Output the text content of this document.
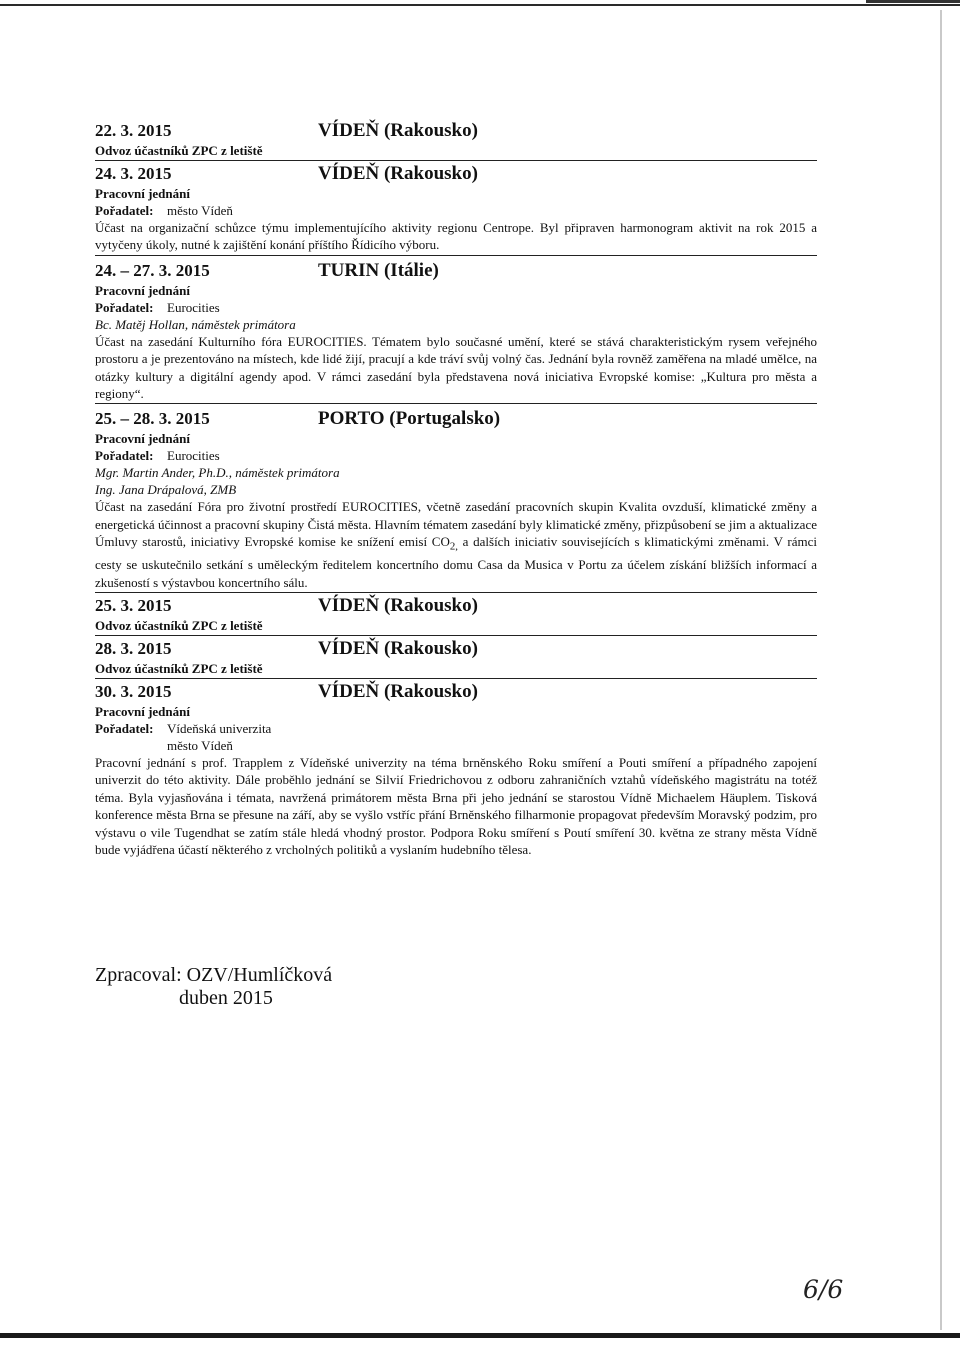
22. 3. 2015	VÍDEŇ (Rakousko)
Odvoz účastníků ZPC z letiště
24. 3. 2015	VÍDEŇ (Rakousko)
Pracovní jednání
Pořadatel: město Vídeň

Účast na organizační schůzce týmu implementujícího aktivity regionu Centrope. Byl připraven harmonogram aktivit na rok 2015 a vytyčeny úkoly, nutné k zajištění konání příštího Řídicího výboru.

24. – 27. 3. 2015	TURIN (Itálie)
Pracovní jednání
Pořadatel: Eurocities
Bc. Matěj Hollan, náměstek primátora

Účast na zasedání Kulturního fóra EUROCITIES. Tématem bylo současné umění, které se stává charakteristickým rysem veřejného prostoru a je prezentováno na místech, kde lidé žijí, pracují a kde tráví svůj volný čas. Jednání byla rovněž zaměřena na mladé umělce, na otázky kultury a digitální agendy apod. V rámci zasedání byla představena nová iniciativa Evropské komise: „Kultura pro města a regiony“.

25. – 28. 3. 2015	PORTO (Portugalsko)
Pracovní jednání
Pořadatel: Eurocities
Mgr. Martin Ander, Ph.D., náměstek primátora
Ing. Jana Drápalová, ZMB

Účast na zasedání Fóra pro životní prostředí EUROCITIES, včetně zasedání pracovních skupin Kvalita ovzduší, klimatické změny a energetická účinnost a pracovní skupiny Čistá města. Hlavním tématem zasedání byly klimatické změny, přizpůsobení se jim a aktualizace Úmluvy starostů, iniciativy Evropské komise ke snížení emisí $CO_{2,}$ a dalších iniciativ souvisejících s klimatickými změnami. V rámci cesty se uskutečnilo setkání s uměleckým ředitelem koncertního domu Casa da Musica v Portu za účelem získání bližších informací a zkušeností s výstavbou koncertního sálu.

25. 3. 2015	VÍDEŇ (Rakousko)
Odvoz účastníků ZPC z letiště
28. 3. 2015	VÍDEŇ (Rakousko)
Odvoz účastníků ZPC z letiště
30. 3. 2015	VÍDEŇ (Rakousko)
Pracovní jednání
Pořadatel: Vídeňská univerzita
město Vídeň

Pracovní jednání s prof. Trapplem z Vídeňské univerzity na téma brněnského Roku smíření a Pouti smíření a případného zapojení univerzit do této aktivity. Dále proběhlo jednání se Silvií Friedrichovou z odboru zahraničních vztahů vídeňského magistrátu na totéž téma. Byla vyjasňována i témata, navržená primátorem města Brna při jeho jednání se starostou Vídně Michaelem Häuplem. Tisková konference města Brna se přesune na září, aby se vyšlo vstříc přání Brněnského filharmonie propagovat především Moravský podzim, pro výstavu o vile Tugendhat se zatím stále hledá vhodný prostor. Podpora Roku smíření s Poutí smíření 30. května ze strany města Vídně bude vyjádřena účastí některého z vrcholných politiků a vyslaním hudebního tělesa.

Zpracoval: OZV/Humlíčková
duben 2015
6/6
